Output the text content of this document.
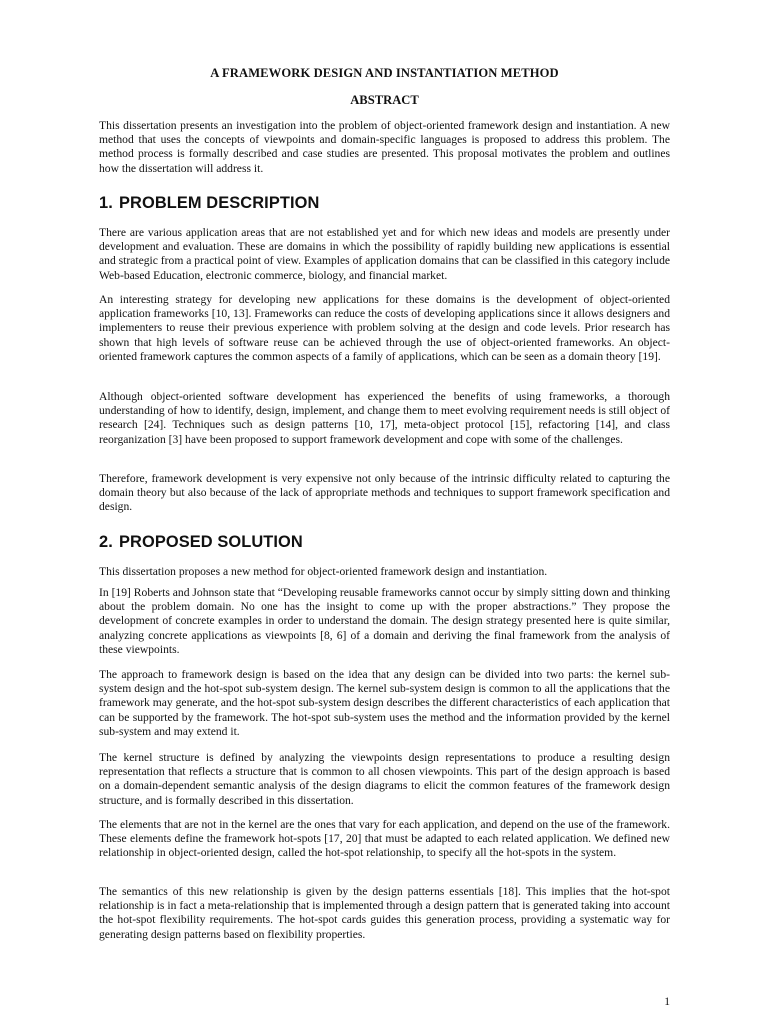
A FRAMEWORK DESIGN AND INSTANTIATION METHOD
ABSTRACT

This dissertation presents an investigation into the problem of object-oriented framework design and instantiation. A new method that uses the concepts of viewpoints and domain-specific languages is proposed to address this problem. The method process is formally described and case studies are presented. This proposal motivates the problem and outlines how the dissertation will address it.

1. PROBLEM DESCRIPTION

There are various application areas that are not established yet and for which new ideas and models are presently under development and evaluation. These are domains in which the possibility of rapidly building new applications is essential and strategic from a practical point of view. Examples of application domains that can be classified in this category include Web-based Education, electronic commerce, biology, and financial market.

An interesting strategy for developing new applications for these domains is the development of object-oriented application frameworks [10, 13]. Frameworks can reduce the costs of developing applications since it allows designers and implementers to reuse their previous experience with problem solving at the design and code levels. Prior research has shown that high levels of software reuse can be achieved through the use of object-oriented frameworks. An object-oriented framework captures the common aspects of a family of applications, which can be seen as a domain theory [19].

Although object-oriented software development has experienced the benefits of using frameworks, a thorough understanding of how to identify, design, implement, and change them to meet evolving requirement needs is still object of research [24]. Techniques such as design patterns [10, 17], meta-object protocol [15], refactoring [14], and class reorganization [3] have been proposed to support framework development and cope with some of the challenges.

Therefore, framework development is very expensive not only because of the intrinsic difficulty related to capturing the domain theory but also because of the lack of appropriate methods and techniques to support framework specification and design.

2. PROPOSED SOLUTION

This dissertation proposes a new method for object-oriented framework design and instantiation.

In [19] Roberts and Johnson state that “Developing reusable frameworks cannot occur by simply sitting down and thinking about the problem domain. No one has the insight to come up with the proper abstractions.” They propose the development of concrete examples in order to understand the domain. The design strategy presented here is quite similar, analyzing concrete applications as viewpoints [8, 6] of a domain and deriving the final framework from the analysis of these viewpoints.

The approach to framework design is based on the idea that any design can be divided into two parts: the kernel sub-system design and the hot-spot sub-system design. The kernel sub-system design is common to all the applications that the framework may generate, and the hot-spot sub-system design describes the different characteristics of each application that can be supported by the framework. The hot-spot sub-system uses the method and the information provided by the kernel sub-system and may extend it.

The kernel structure is defined by analyzing the viewpoints design representations to produce a resulting design representation that reflects a structure that is common to all chosen viewpoints. This part of the design approach is based on a domain-dependent semantic analysis of the design diagrams to elicit the common features of the framework design structure, and is formally described in this dissertation.

The elements that are not in the kernel are the ones that vary for each application, and depend on the use of the framework. These elements define the framework hot-spots [17, 20] that must be adapted to each related application. We defined new relationship in object-oriented design, called the hot-spot relationship, to specify all the hot-spots in the system.

The semantics of this new relationship is given by the design patterns essentials [18]. This implies that the hot-spot relationship is in fact a meta-relationship that is implemented through a design pattern that is generated taking into account the hot-spot flexibility requirements. The hot-spot cards guides this generation process, providing a systematic way for generating design patterns based on flexibility properties.

1
